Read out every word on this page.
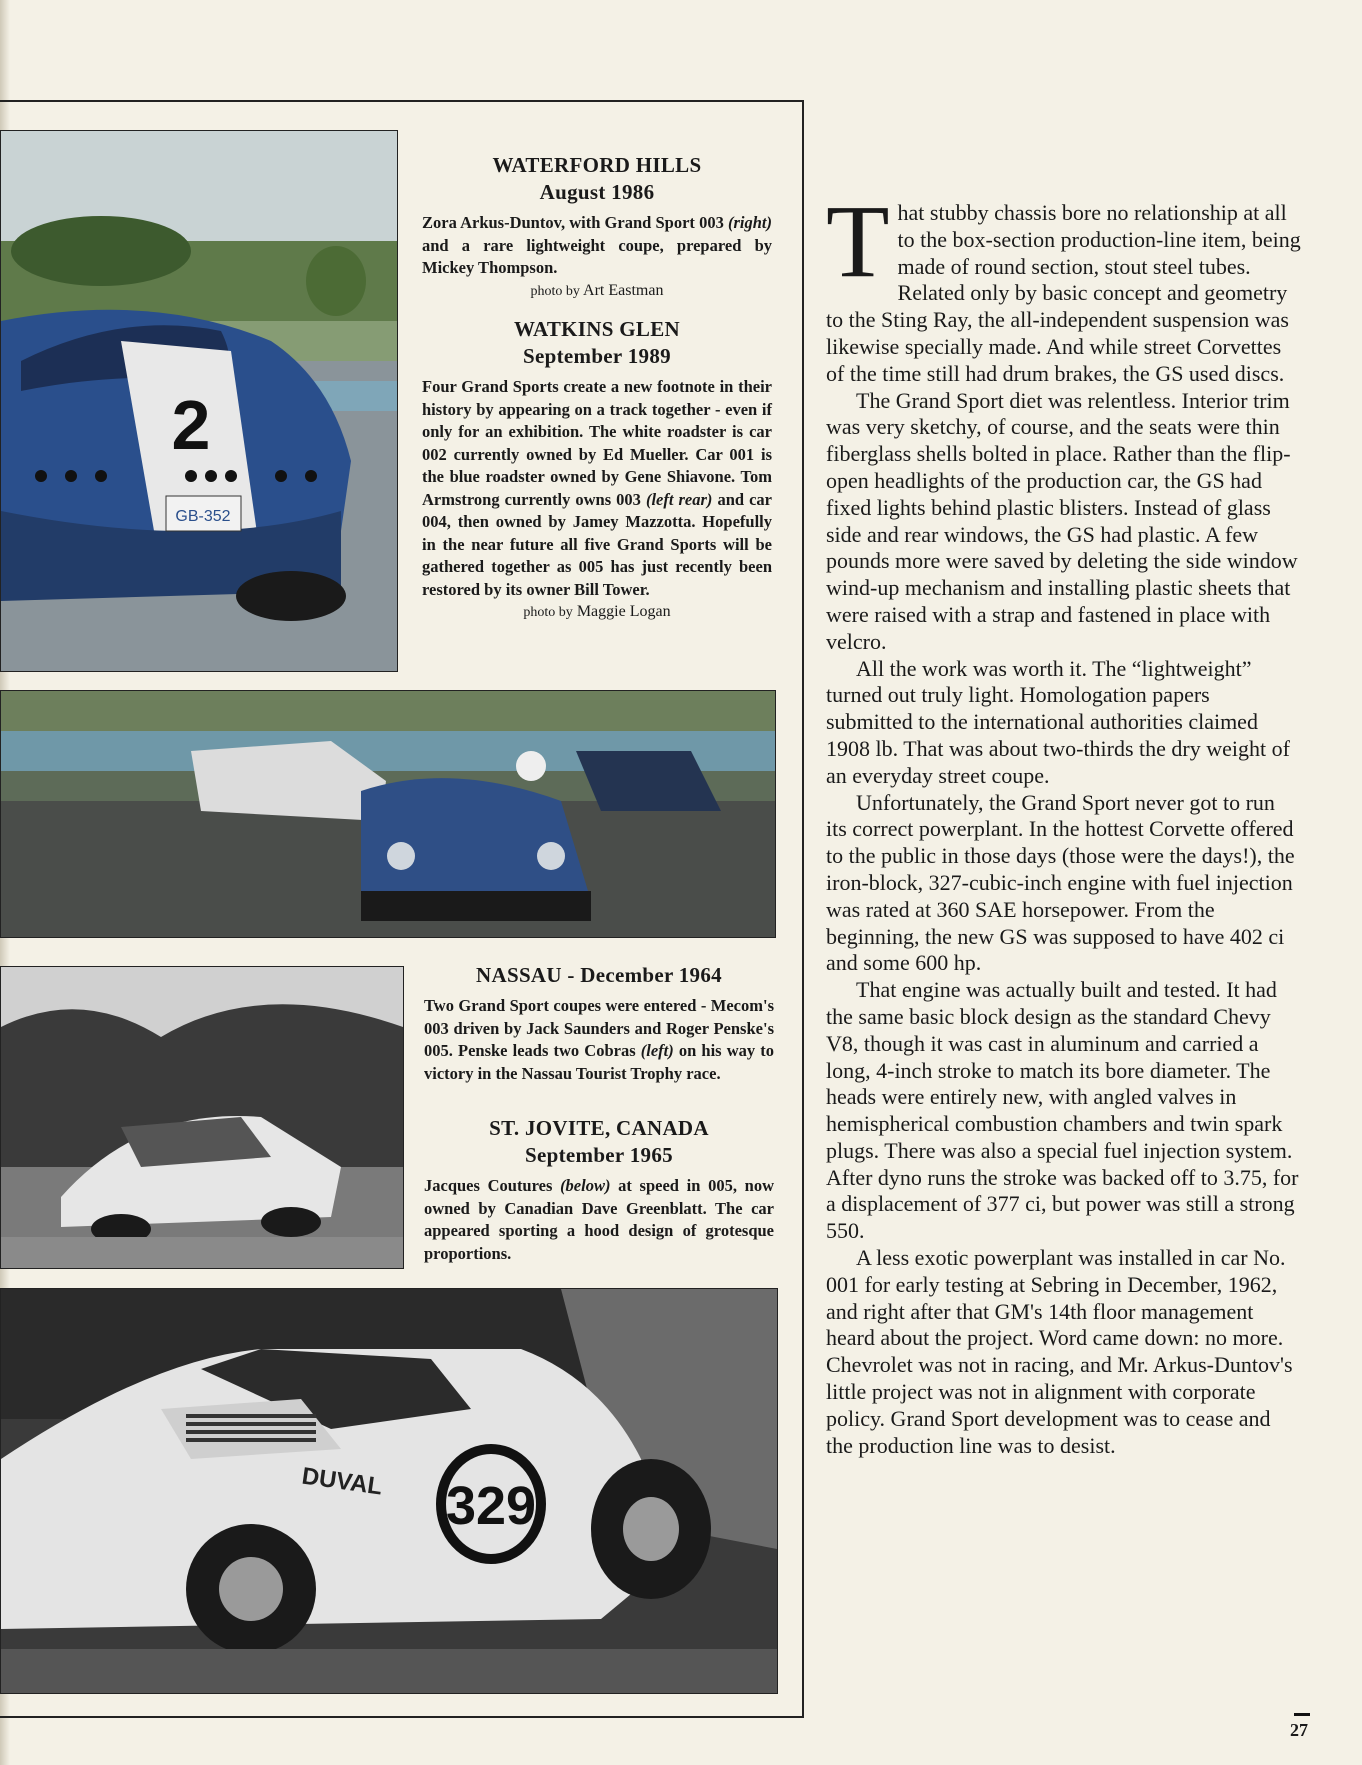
GB-352
2
WATERFORD HILLS
August 1986
Zora Arkus-Duntov, with Grand Sport 003 (right) and a rare lightweight coupe, prepared by Mickey Thompson.
photo by Art Eastman
WATKINS GLEN
September 1989
Four Grand Sports create a new footnote in their history by appearing on a track together - even if only for an exhibition. The white roadster is car 002 currently owned by Ed Mueller. Car 001 is the blue roadster owned by Gene Shiavone. Tom Armstrong currently owns 003 (left rear) and car 004, then owned by Jamey Mazzotta. Hopefully in the near future all five Grand Sports will be gathered together as 005 has just recently been restored by its owner Bill Tower.
photo by Maggie Logan
NASSAU - December 1964
Two Grand Sport coupes were entered - Mecom's 003 driven by Jack Saunders and Roger Penske's 005. Penske leads two Cobras (left) on his way to victory in the Nassau Tourist Trophy race.
ST. JOVITE, CANADA
September 1965
Jacques Coutures (below) at speed in 005, now owned by Canadian Dave Greenblatt. The car appeared sporting a hood design of grotesque proportions.
329
DUVAL

That stubby chassis bore no relationship at all to the box-section production-line item, being made of round section, stout steel tubes. Related only by basic concept and geometry to the Sting Ray, the all-independent suspension was likewise specially made. And while street Corvettes of the time still had drum brakes, the GS used discs.

The Grand Sport diet was relentless. Interior trim was very sketchy, of course, and the seats were thin fiberglass shells bolted in place. Rather than the flip-open headlights of the production car, the GS had fixed lights behind plastic blisters. Instead of glass side and rear windows, the GS had plastic. A few pounds more were saved by deleting the side window wind-up mechanism and installing plastic sheets that were raised with a strap and fastened in place with velcro.

All the work was worth it. The “lightweight” turned out truly light. Homologation papers submitted to the international authorities claimed 1908 lb. That was about two-thirds the dry weight of an everyday street coupe.

Unfortunately, the Grand Sport never got to run its correct powerplant. In the hottest Corvette offered to the public in those days (those were the days!), the iron-block, 327-cubic-inch engine with fuel injection was rated at 360 SAE horsepower. From the beginning, the new GS was supposed to have 402 ci and some 600 hp.

That engine was actually built and tested. It had the same basic block design as the standard Chevy V8, though it was cast in aluminum and carried a long, 4-inch stroke to match its bore diameter. The heads were entirely new, with angled valves in hemispherical combustion chambers and twin spark plugs. There was also a special fuel injection system. After dyno runs the stroke was backed off to 3.75, for a displacement of 377 ci, but power was still a strong 550.

A less exotic powerplant was installed in car No. 001 for early testing at Sebring in December, 1962, and right after that GM's 14th floor management heard about the project. Word came down: no more. Chevrolet was not in racing, and Mr. Arkus-Duntov's little project was not in alignment with corporate policy. Grand Sport development was to cease and the production line was to desist.

27
